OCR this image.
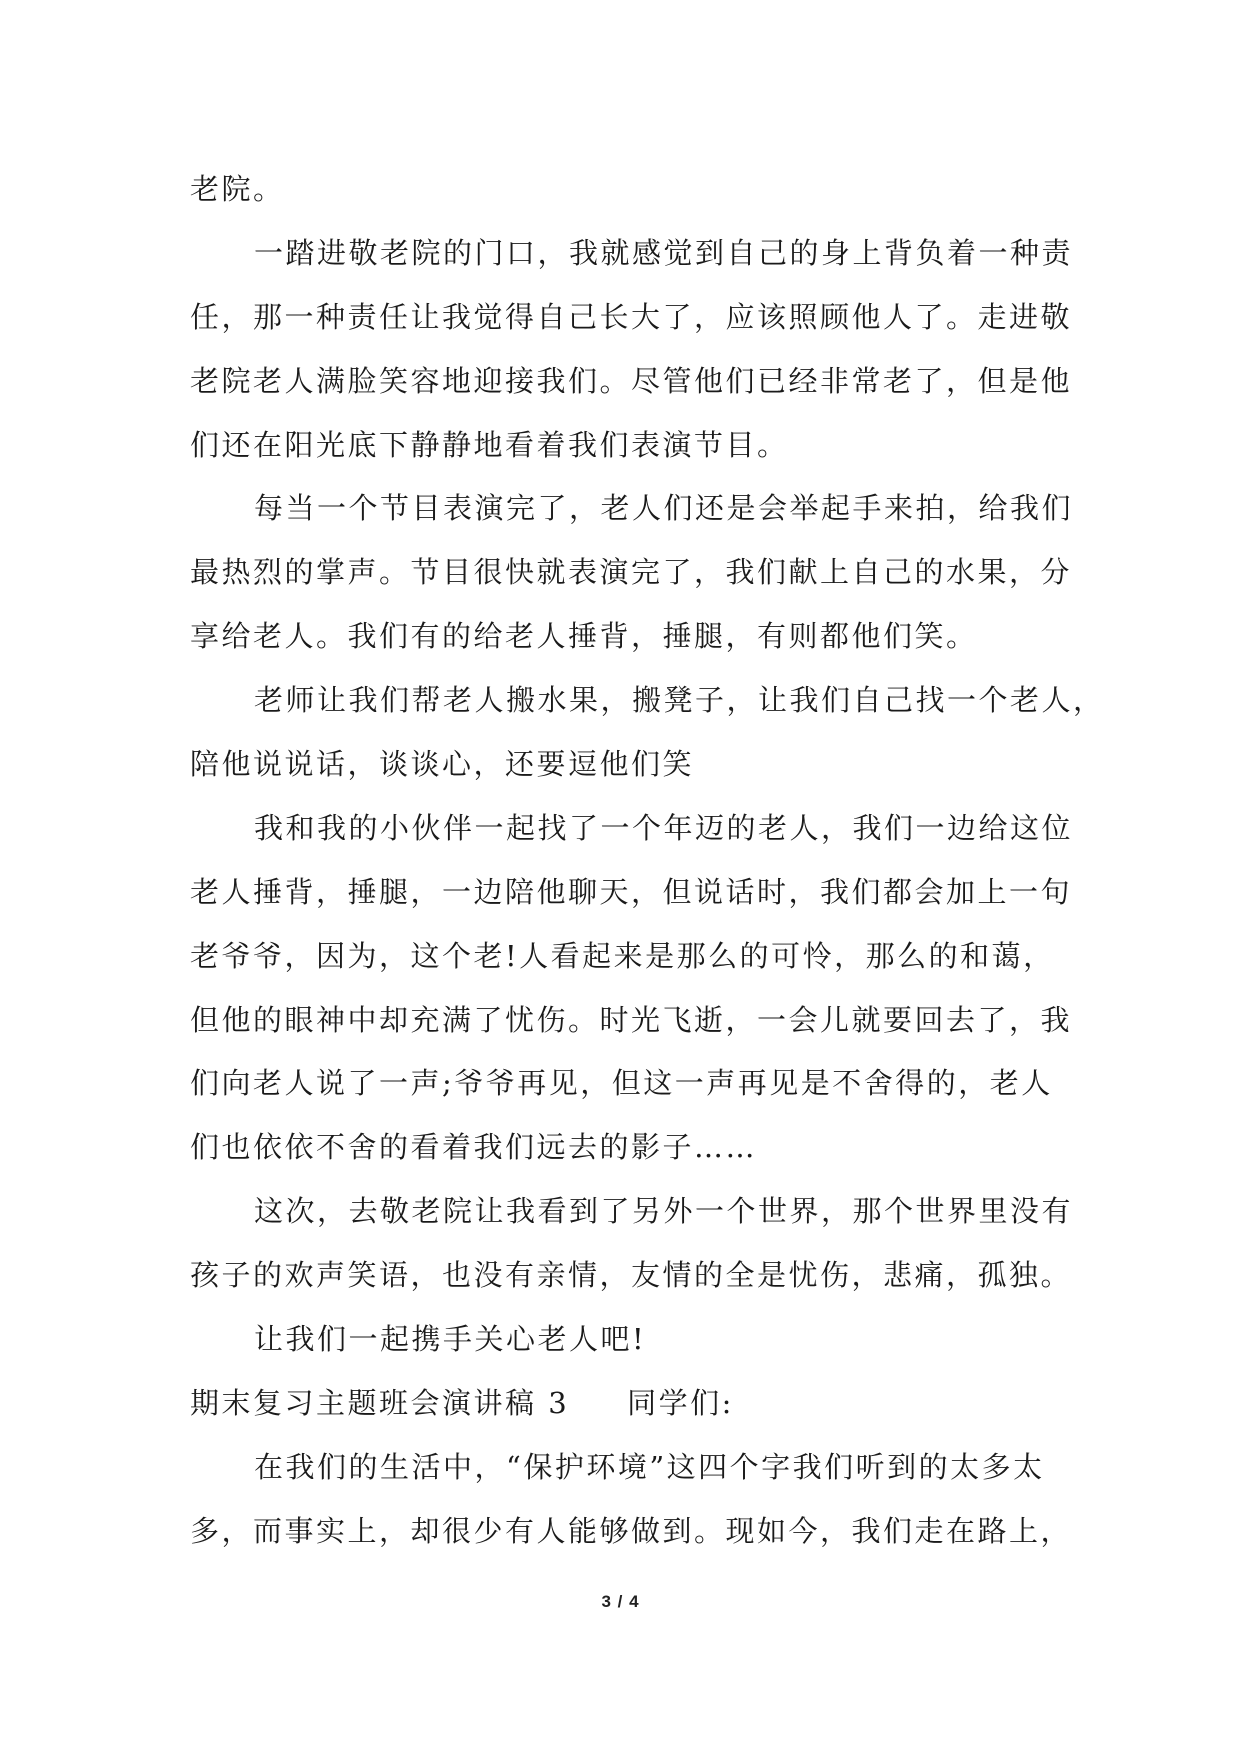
老院。
一踏进敬老院的门口，我就感觉到自己的身上背负着一种责
任，那一种责任让我觉得自己长大了，应该照顾他人了。走进敬
老院老人满脸笑容地迎接我们。尽管他们已经非常老了，但是他
们还在阳光底下静静地看着我们表演节目。
每当一个节目表演完了，老人们还是会举起手来拍，给我们
最热烈的掌声。节目很快就表演完了，我们献上自己的水果，分
享给老人。我们有的给老人捶背，捶腿，有则都他们笑。
老师让我们帮老人搬水果，搬凳子，让我们自己找一个老人，
陪他说说话，谈谈心，还要逗他们笑
我和我的小伙伴一起找了一个年迈的老人，我们一边给这位
老人捶背，捶腿，一边陪他聊天，但说话时，我们都会加上一句
老爷爷，因为，这个老!人看起来是那么的可怜，那么的和蔼，
但他的眼神中却充满了忧伤。时光飞逝，一会儿就要回去了，我
们向老人说了一声;爷爷再见，但这一声再见是不舍得的，老人
们也依依不舍的看着我们远去的影子……
这次，去敬老院让我看到了另外一个世界，那个世界里没有
孩子的欢声笑语，也没有亲情，友情的全是忧伤，悲痛，孤独。
让我们一起携手关心老人吧!
期末复习主题班会演讲稿 3 同学们:
在我们的生活中，“保护环境”这四个字我们听到的太多太
多，而事实上，却很少有人能够做到。现如今，我们走在路上，
3 / 4
